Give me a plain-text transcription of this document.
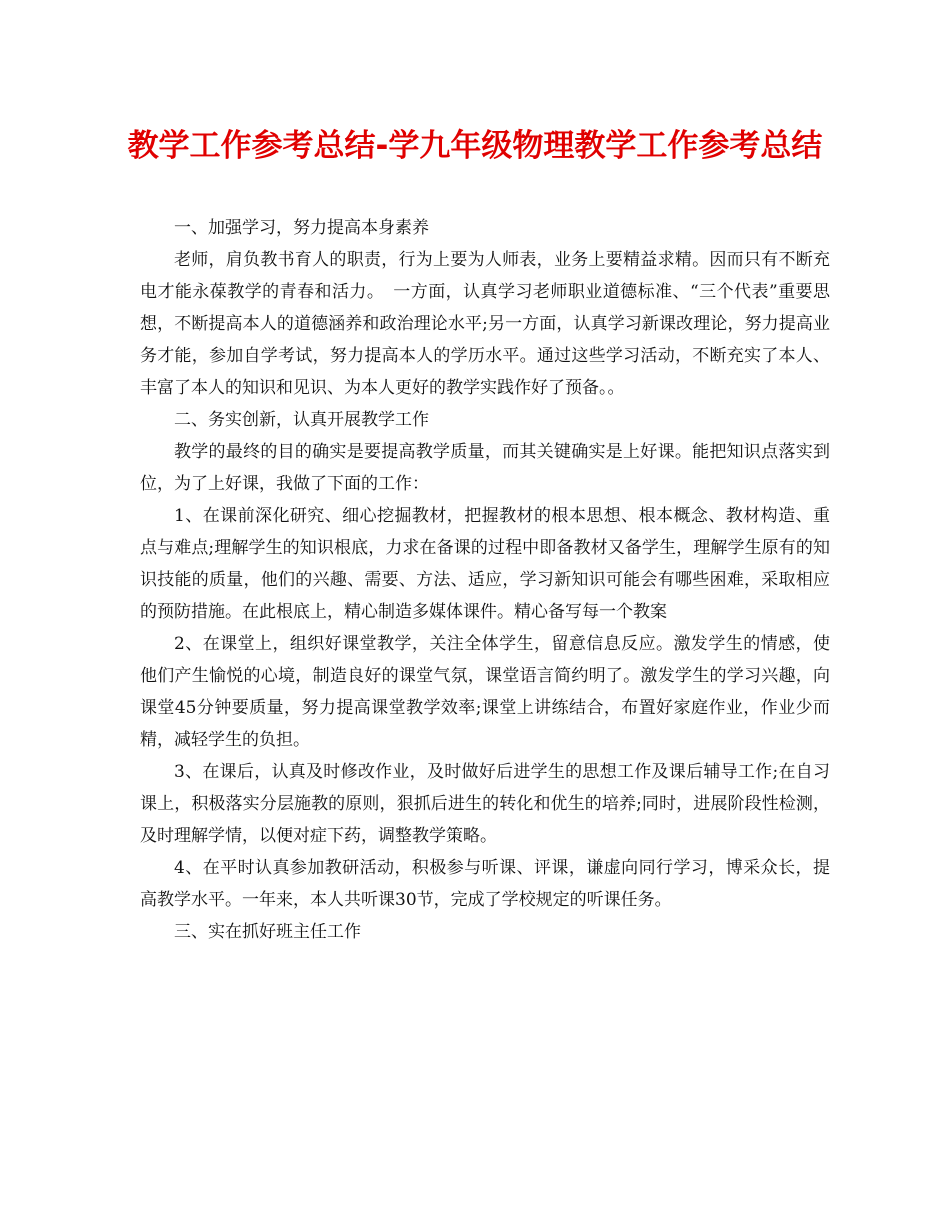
教学工作参考总结-学九年级物理教学工作参考总结

一、加强学习，努力提高本身素养

老师，肩负教书育人的职责，行为上要为人师表，业务上要精益求精。因而只有不断充电才能永葆教学的青春和活力。　一方面，认真学习老师职业道德标准、“三个代表”重要思想，不断提高本人的道德涵养和政治理论水平;另一方面，认真学习新课改理论，努力提高业务才能，参加自学考试，努力提高本人的学历水平。通过这些学习活动，不断充实了本人、丰富了本人的知识和见识、为本人更好的教学实践作好了预备。。

二、务实创新，认真开展教学工作

教学的最终的目的确实是要提高教学质量，而其关键确实是上好课。能把知识点落实到位，为了上好课，我做了下面的工作：

1、在课前深化研究、细心挖掘教材，把握教材的根本思想、根本概念、教材构造、重点与难点;理解学生的知识根底，力求在备课的过程中即备教材又备学生，理解学生原有的知识技能的质量，他们的兴趣、需要、方法、适应，学习新知识可能会有哪些困难，采取相应的预防措施。在此根底上，精心制造多媒体课件。精心备写每一个教案

2、在课堂上，组织好课堂教学，关注全体学生，留意信息反应。激发学生的情感，使他们产生愉悦的心境，制造良好的课堂气氛，课堂语言简约明了。激发学生的学习兴趣，向课堂45分钟要质量，努力提高课堂教学效率;课堂上讲练结合，布置好家庭作业，作业少而精，减轻学生的负担。

3、在课后，认真及时修改作业，及时做好后进学生的思想工作及课后辅导工作;在自习课上，积极落实分层施教的原则，狠抓后进生的转化和优生的培养;同时，进展阶段性检测，及时理解学情，以便对症下药，调整教学策略。

4、在平时认真参加教研活动，积极参与听课、评课，谦虚向同行学习，博采众长，提高教学水平。一年来，本人共听课30节，完成了学校规定的听课任务。

三、实在抓好班主任工作
